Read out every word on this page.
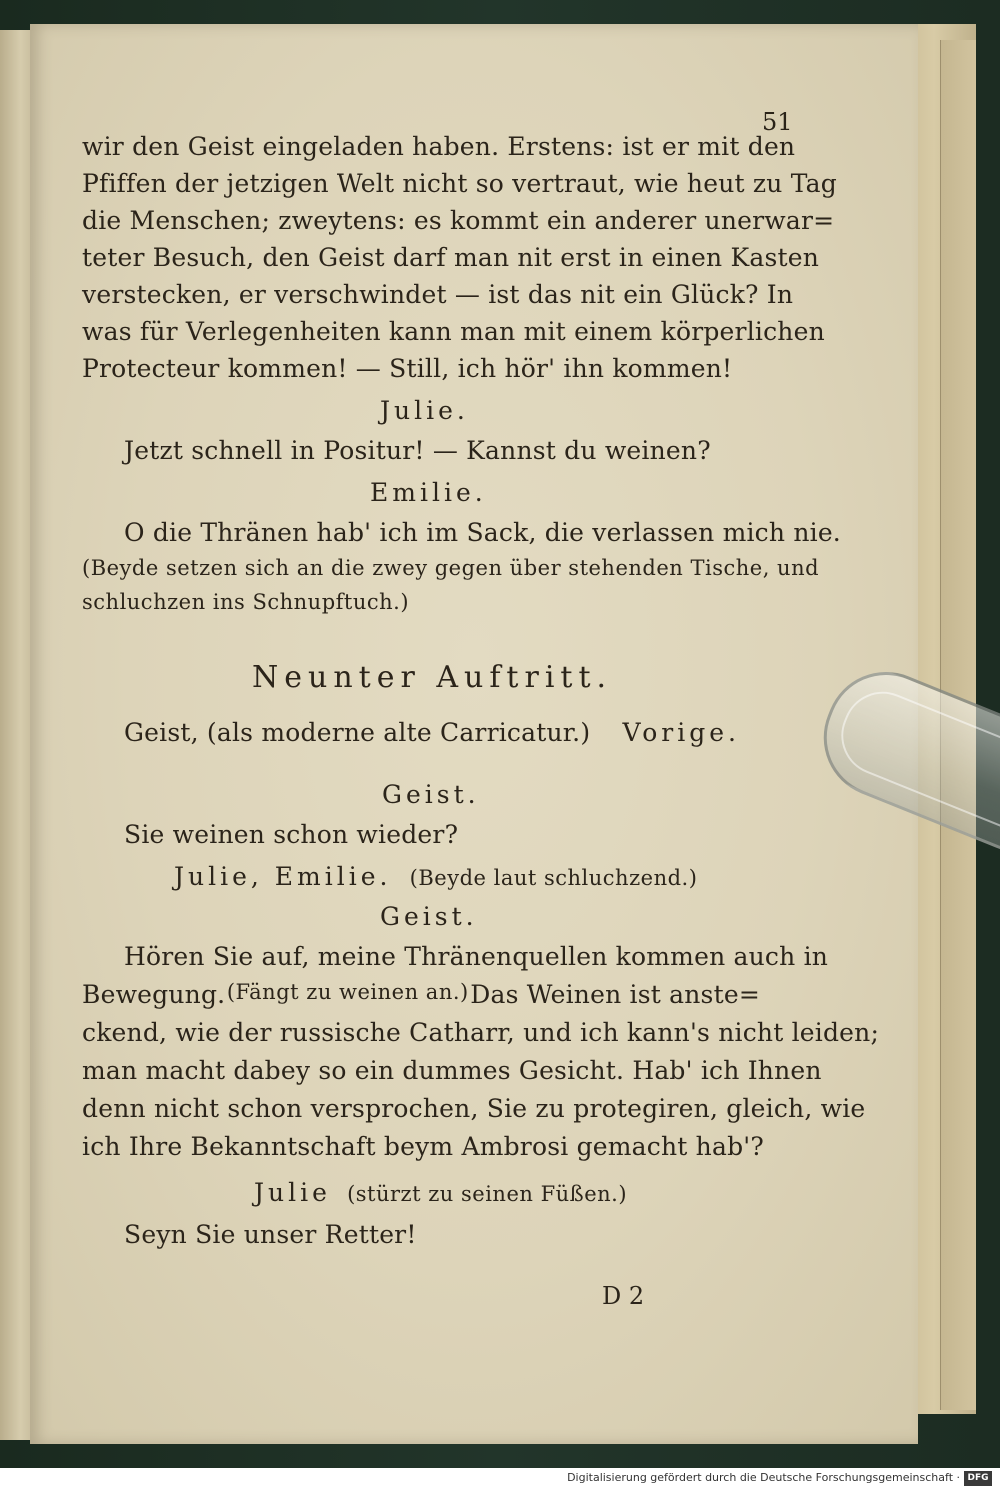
51
wir den Geist eingeladen haben. Erstens: ist er mit den
Pfiffen der jetzigen Welt nicht so vertraut, wie heut zu Tag
die Menschen; zweytens: es kommt ein anderer unerwar=
teter Besuch, den Geist darf man nit erst in einen Kasten
verstecken, er verschwindet — ist das nit ein Glück? In
was für Verlegenheiten kann man mit einem körperlichen
Protecteur kommen! — Still, ich hör' ihn kommen!
Julie.
Jetzt schnell in Positur! — Kannst du weinen?
Emilie.
O die Thränen hab' ich im Sack, die verlassen mich nie.
(Beyde setzen sich an die zwey gegen über stehenden Tische, und
schluchzen ins Schnupftuch.)
Neunter Auftritt.
Geist, (als moderne alte Carricatur.) Vorige.
Geist.
Sie weinen schon wieder?
Julie, Emilie. (Beyde laut schluchzend.)
Geist.
Hören Sie auf, meine Thränenquellen kommen auch in
Bewegung. (Fängt zu weinen an.) Das Weinen ist anste=
ckend, wie der russische Catharr, und ich kann's nicht leiden;
man macht dabey so ein dummes Gesicht. Hab' ich Ihnen
denn nicht schon versprochen, Sie zu protegiren, gleich, wie
ich Ihre Bekanntschaft beym Ambrosi gemacht hab'?
Julie (stürzt zu seinen Füßen.)
Seyn Sie unser Retter!
D 2
Digitalisierung gefördert durch die Deutsche Forschungsgemeinschaft · DFG
